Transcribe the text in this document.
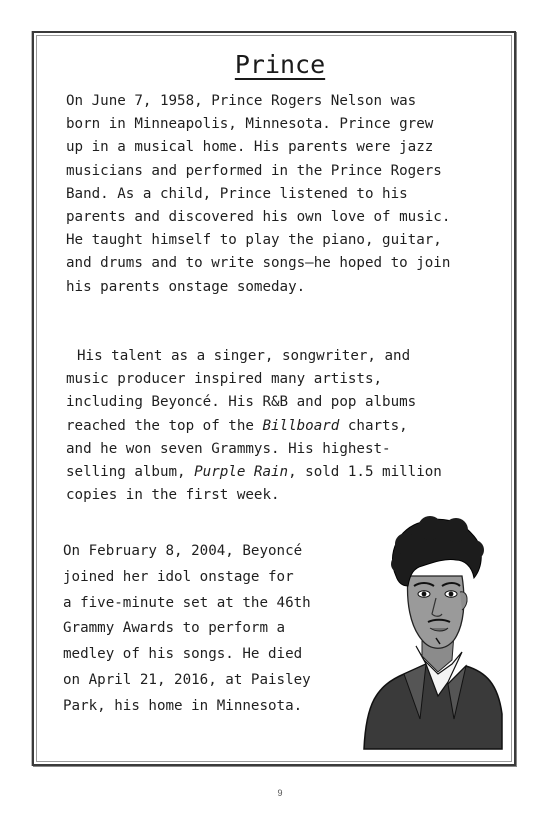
Prince
On June 7, 1958, Prince Rogers Nelson was
born in Minneapolis, Minnesota. Prince grew
up in a musical home. His parents were jazz
musicians and performed in the Prince Rogers
Band. As a child, Prince listened to his
parents and discovered his own love of music.
He taught himself to play the piano, guitar,
and drums and to write songs—he hoped to join
his parents onstage someday.
His talent as a singer, songwriter, and
music producer inspired many artists,
including Beyoncé. His R&B and pop albums
reached the top of the Billboard charts,
and he won seven Grammys. His highest-
selling album, Purple Rain, sold 1.5 million
copies in the first week.
On February 8, 2004, Beyoncé
joined her idol onstage for
a five-minute set at the 46th
Grammy Awards to perform a
medley of his songs. He died
on April 21, 2016, at Paisley
Park, his home in Minnesota.
9
